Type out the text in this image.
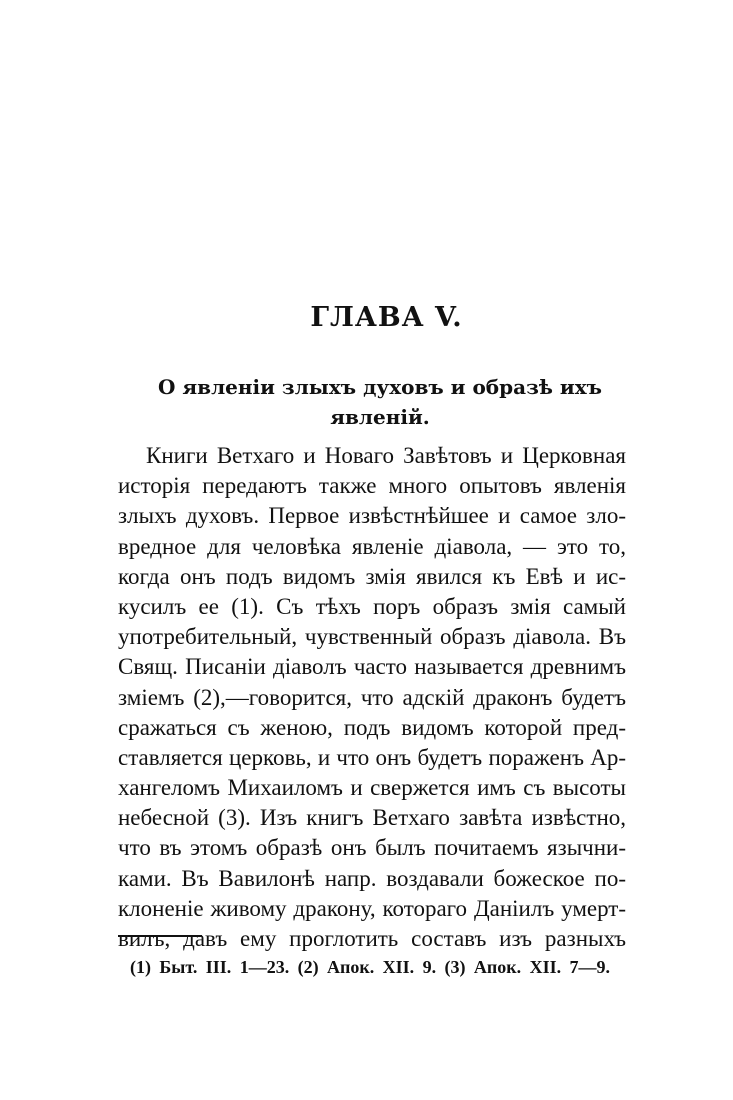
ГЛАВА V.
О явленіи злыхъ духовъ и образѣ ихъ
явленій.
Книги Ветхаго и Новаго Завѣтовъ и Церковная
исторія передаютъ также много опытовъ явленія
злыхъ духовъ. Первое извѣстнѣйшее и самое зло-
вредное для человѣка явленіе діавола, — это то,
когда онъ подъ видомъ змія явился къ Евѣ и ис-
кусилъ ее (1). Съ тѣхъ поръ образъ змія самый
употребительный, чувственный образъ діавола. Въ
Свящ. Писаніи діаволъ часто называется древнимъ
зміемъ (2),—говорится, что адскій драконъ будетъ
сражаться съ женою, подъ видомъ которой пред-
ставляется церковь, и что онъ будетъ пораженъ Ар-
хангеломъ Михаиломъ и свержется имъ съ высоты
небесной (3). Изъ книгъ Ветхаго завѣта извѣстно,
что въ этомъ образѣ онъ былъ почитаемъ язычни-
ками. Въ Вавилонѣ напр. воздавали божеское по-
клоненіе живому дракону, котораго Даніилъ умерт-
вилъ, давъ ему проглотить составъ изъ разныхъ
(1) Быт. III. 1—23. (2) Апок. XII. 9. (3) Апок. XII. 7—9.
